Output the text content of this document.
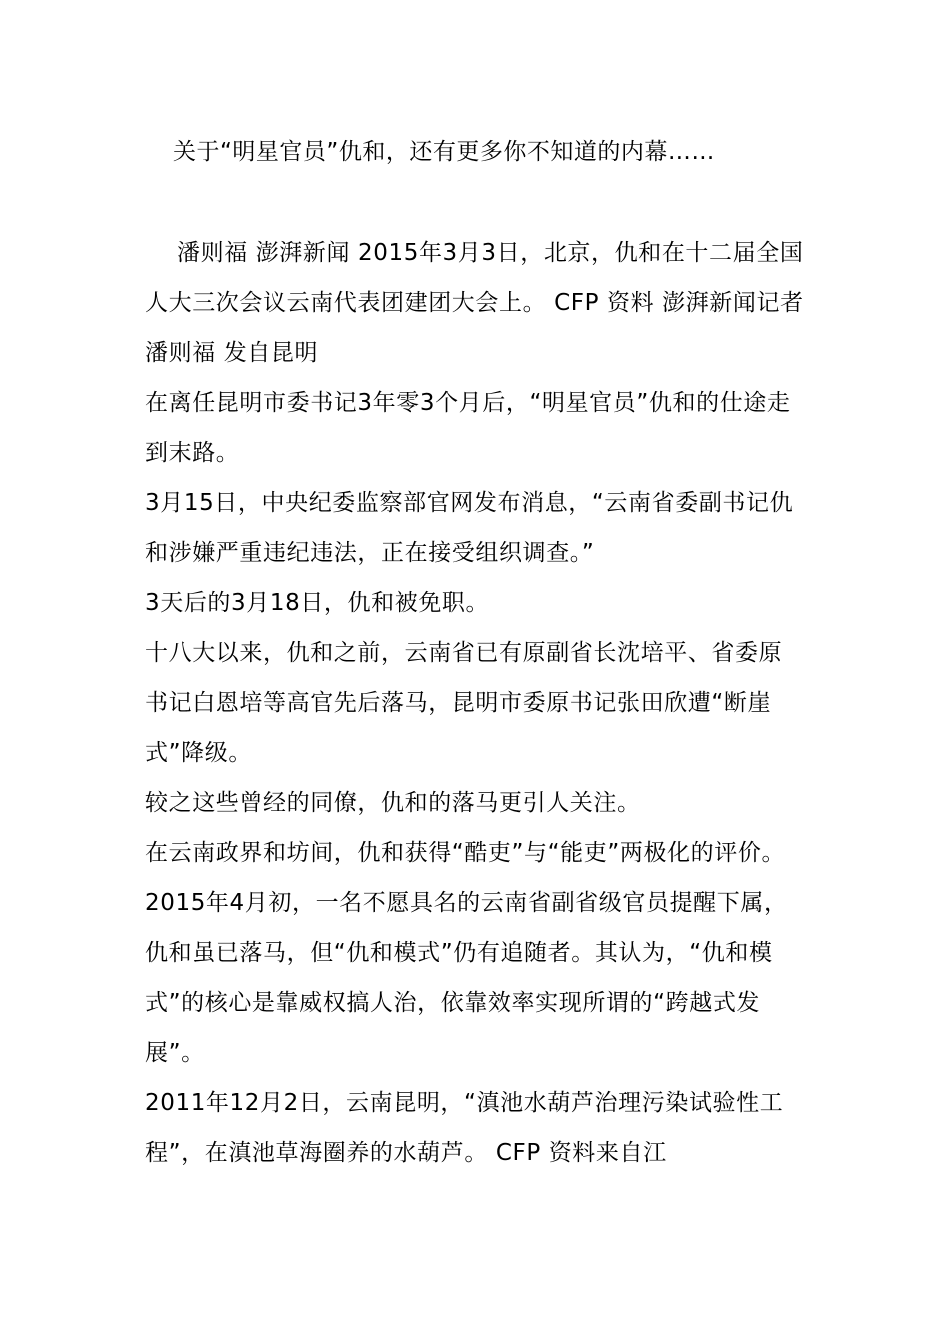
关于“明星官员”仇和，还有更多你不知道的内幕……

潘则福 澎湃新闻 2015年3月3日，北京，仇和在十二届全国人大三次会议云南代表团建团大会上。 CFP 资料 澎湃新闻记者 潘则福 发自昆明

在离任昆明市委书记3年零3个月后，“明星官员”仇和的仕途走到末路。

3月15日，中央纪委监察部官网发布消息，“云南省委副书记仇和涉嫌严重违纪违法，正在接受组织调查。”

3天后的3月18日，仇和被免职。

十八大以来，仇和之前，云南省已有原副省长沈培平、省委原书记白恩培等高官先后落马，昆明市委原书记张田欣遭“断崖式”降级。

较之这些曾经的同僚，仇和的落马更引人关注。

在云南政界和坊间，仇和获得“酷吏”与“能吏”两极化的评价。

2015年4月初，一名不愿具名的云南省副省级官员提醒下属，仇和虽已落马，但“仇和模式”仍有追随者。其认为，“仇和模式”的核心是靠威权搞人治，依靠效率实现所谓的“跨越式发展”。

2011年12月2日，云南昆明，“滇池水葫芦治理污染试验性工程”，在滇池草海圈养的水葫芦。 CFP 资料来自江
